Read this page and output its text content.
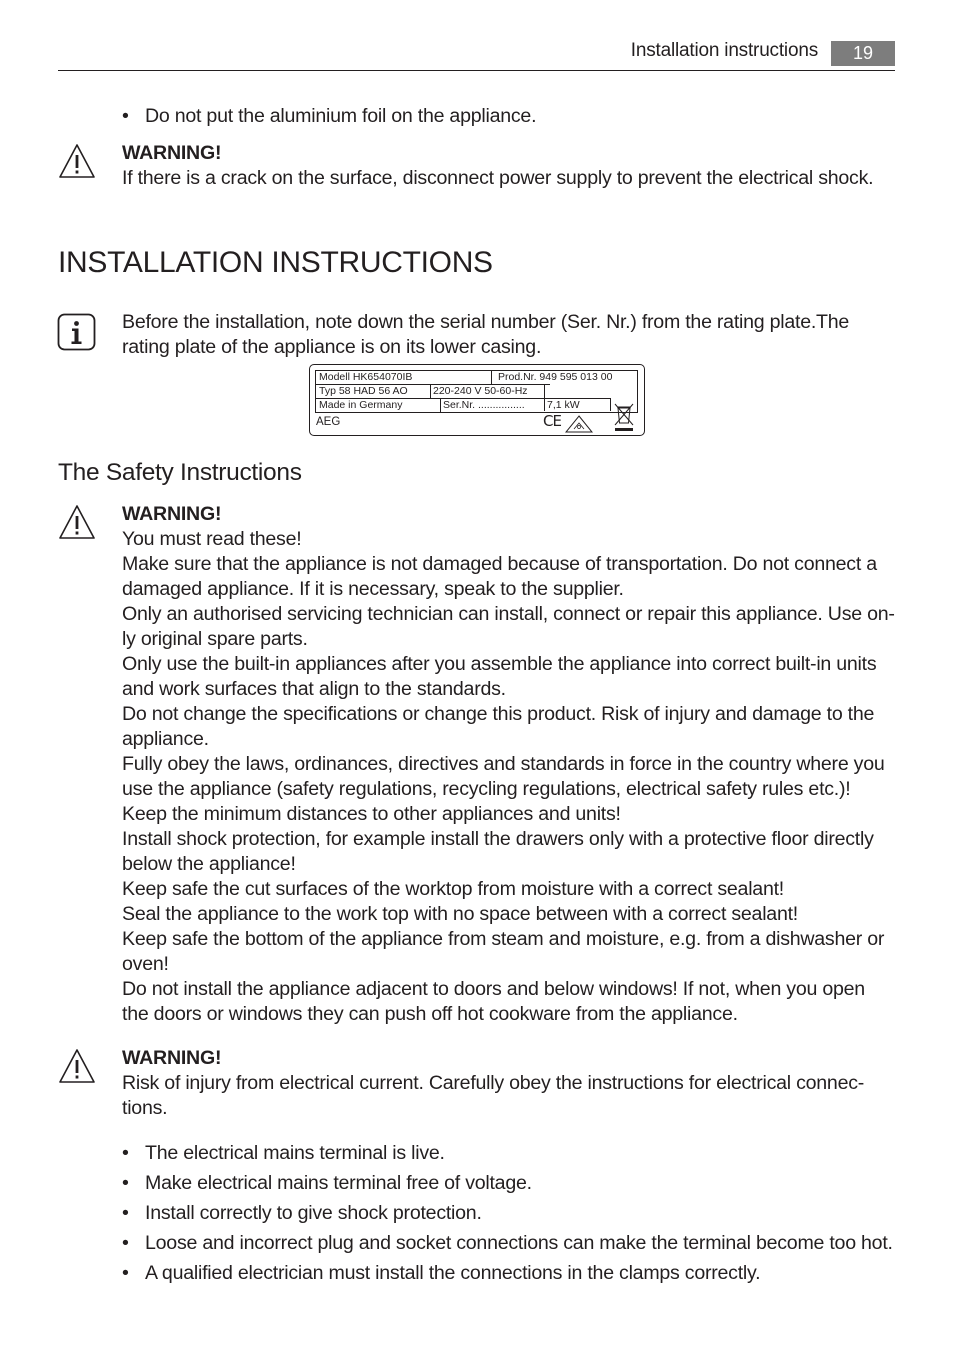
Installation instructions	19
• Do not put the aluminium foil on the appliance.
WARNING!
If there is a crack on the surface, disconnect power supply to prevent the electrical shock.
INSTALLATION INSTRUCTIONS
Before the installation, note down the serial number (Ser. Nr.) from the rating plate.The rating plate of the appliance is on its lower casing.
Modell HK654070IB	Prod.Nr. 949 595 013 00
Typ 58 HAD 56 AO 220-240 V 50-60-Hz
Made in Germany	Ser.Nr. ................ 7,1 kW
AEG	CE
The Safety Instructions
WARNING!
You must read these!
Make sure that the appliance is not damaged because of transportation. Do not connect a
damaged appliance. If it is necessary, speak to the supplier.
Only an authorised servicing technician can install, connect or repair this appliance. Use on-
ly original spare parts.
Only use the built-in appliances after you assemble the appliance into correct built-in units
and work surfaces that align to the standards.
Do not change the specifications or change this product. Risk of injury and damage to the
appliance.
Fully obey the laws, ordinances, directives and standards in force in the country where you
use the appliance (safety regulations, recycling regulations, electrical safety rules etc.)!
Keep the minimum distances to other appliances and units!
Install shock protection, for example install the drawers only with a protective floor directly
below the appliance!
Keep safe the cut surfaces of the worktop from moisture with a correct sealant!
Seal the appliance to the work top with no space between with a correct sealant!
Keep safe the bottom of the appliance from steam and moisture, e.g. from a dishwasher or
oven!
Do not install the appliance adjacent to doors and below windows! If not, when you open
the doors or windows they can push off hot cookware from the appliance.
WARNING!
Risk of injury from electrical current. Carefully obey the instructions for electrical connec-
tions.
• The electrical mains terminal is live.
• Make electrical mains terminal free of voltage.
• Install correctly to give shock protection.
• Loose and incorrect plug and socket connections can make the terminal become too hot.
• A qualified electrician must install the connections in the clamps correctly.
